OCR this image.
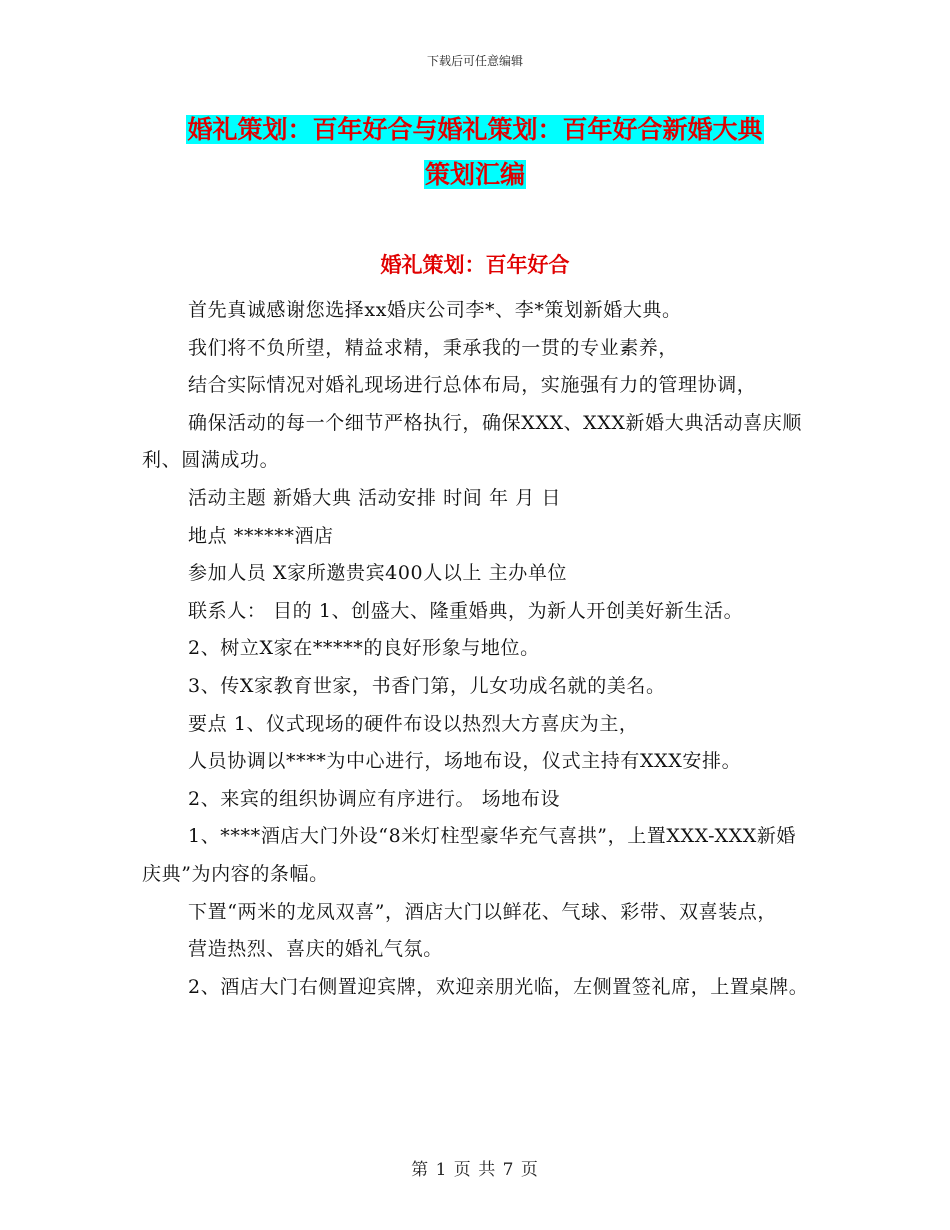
下载后可任意编辑
婚礼策划：百年好合与婚礼策划：百年好合新婚大典
策划汇编
婚礼策划：百年好合

首先真诚感谢您选择xx婚庆公司李*、李*策划新婚大典。

我们将不负所望，精益求精，秉承我的一贯的专业素养，

结合实际情况对婚礼现场进行总体布局，实施强有力的管理协调，

确保活动的每一个细节严格执行，确保XXX、XXX新婚大典活动喜庆顺利、圆满成功。

活动主题 新婚大典 活动安排 时间 年 月 日

地点 ******酒店

参加人员 X家所邀贵宾400人以上 主办单位

联系人： 目的 1、创盛大、隆重婚典，为新人开创美好新生活。

2、树立X家在*****的良好形象与地位。

3、传X家教育世家，书香门第，儿女功成名就的美名。

要点 1、仪式现场的硬件布设以热烈大方喜庆为主，

人员协调以****为中心进行，场地布设，仪式主持有XXX安排。

2、来宾的组织协调应有序进行。 场地布设

1、****酒店大门外设“8米灯柱型豪华充气喜拱”，上置XXX-XXX新婚庆典”为内容的条幅。

下置“两米的龙凤双喜”，酒店大门以鲜花、气球、彩带、双喜装点，

营造热烈、喜庆的婚礼气氛。

2、酒店大门右侧置迎宾牌，欢迎亲朋光临，左侧置签礼席，上置桌牌。

第 1 页 共 7 页
